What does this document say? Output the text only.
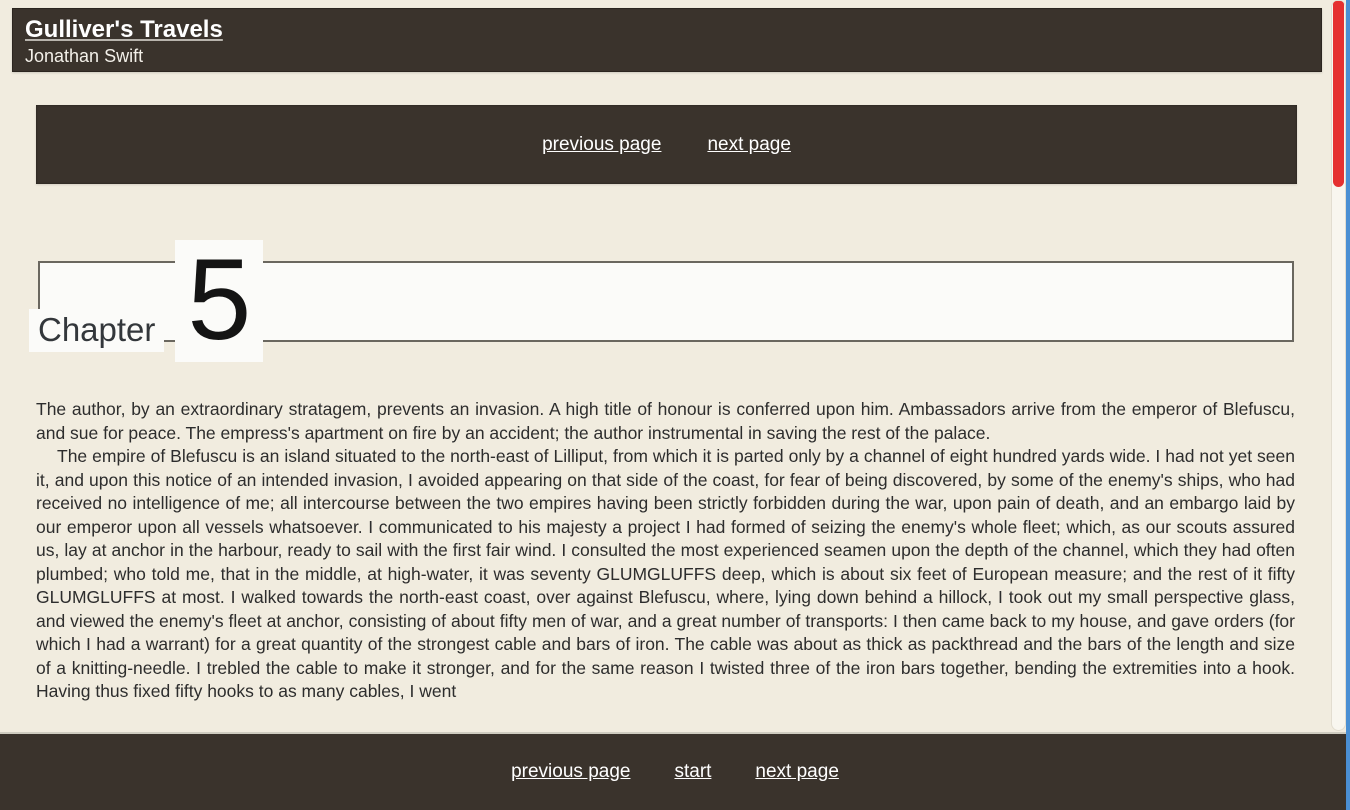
Gulliver's Travels
Jonathan Swift
previous page next page
Chapter 5

The author, by an extraordinary stratagem, prevents an invasion. A high title of honour is conferred upon him. Ambassadors arrive from the emperor of Blefuscu, and sue for peace. The empress's apartment on fire by an accident; the author instrumental in saving the rest of the palace.

The empire of Blefuscu is an island situated to the north-east of Lilliput, from which it is parted only by a channel of eight hundred yards wide. I had not yet seen it, and upon this notice of an intended invasion, I avoided appearing on that side of the coast, for fear of being discovered, by some of the enemy's ships, who had received no intelligence of me; all intercourse between the two empires having been strictly forbidden during the war, upon pain of death, and an embargo laid by our emperor upon all vessels whatsoever. I communicated to his majesty a project I had formed of seizing the enemy's whole fleet; which, as our scouts assured us, lay at anchor in the harbour, ready to sail with the first fair wind. I consulted the most experienced seamen upon the depth of the channel, which they had often plumbed; who told me, that in the middle, at high-water, it was seventy GLUMGLUFFS deep, which is about six feet of European measure; and the rest of it fifty GLUMGLUFFS at most. I walked towards the north-east coast, over against Blefuscu, where, lying down behind a hillock, I took out my small perspective glass, and viewed the enemy's fleet at anchor, consisting of about fifty men of war, and a great number of transports: I then came back to my house, and gave orders (for which I had a warrant) for a great quantity of the strongest cable and bars of iron. The cable was about as thick as packthread and the bars of the length and size of a knitting-needle. I trebled the cable to make it stronger, and for the same reason I twisted three of the iron bars together, bending the extremities into a hook. Having thus fixed fifty hooks to as many cables, I went

previous page start next page
